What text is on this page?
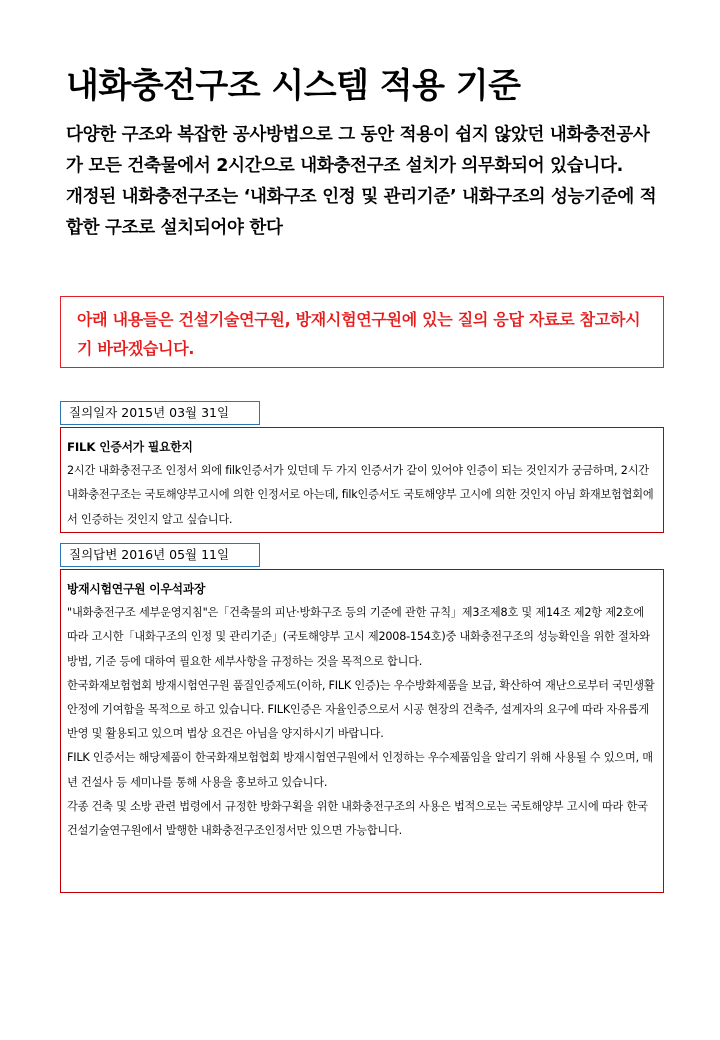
내화충전구조 시스템 적용 기준

다양한 구조와 복잡한 공사방법으로 그 동안 적용이 쉽지 않았던 내화충전공사가 모든 건축물에서 2시간으로 내화충전구조 설치가 의무화되어 있습니다.

개정된 내화충전구조는 ‘내화구조 인정 및 관리기준’ 내화구조의 성능기준에 적합한 구조로 설치되어야 한다

아래 내용들은 건설기술연구원, 방재시험연구원에 있는 질의 응답 자료로 참고하시기 바라겠습니다.
질의일자 2015년 03월 31일

FILK 인증서가 필요한지

2시간 내화충전구조 인정서 외에 filk인증서가 있던데 두 가지 인증서가 같이 있어야 인증이 되는 것인지가 궁금하며, 2시간 내화충전구조는 국토해양부고시에 의한 인정서로 아는데, filk인증서도 국토해양부 고시에 의한 것인지 아님 화재보험협회에서 인증하는 것인지 알고 싶습니다.

질의답변 2016년 05월 11일

방재시험연구원 이우석과장

"내화충전구조 세부운영지침"은「건축물의 피난·방화구조 등의 기준에 관한 규칙」제3조제8호 및 제14조 제2항 제2호에 따라 고시한「내화구조의 인정 및 관리기준」(국토해양부 고시 제2008-154호)중 내화충전구조의 성능확인을 위한 절차와 방법, 기준 등에 대하여 필요한 세부사항을 규정하는 것을 목적으로 합니다.

한국화재보험협회 방재시험연구원 품질인증제도(이하, FILK 인증)는 우수방화제품을 보급, 확산하여 재난으로부터 국민생활 안정에 기여함을 목적으로 하고 있습니다. FILK인증은 자율인증으로서 시공 현장의 건축주, 설계자의 요구에 따라 자유롭게 반영 및 활용되고 있으며 법상 요건은 아님을 양지하시기 바랍니다.

FILK 인증서는 해당제품이 한국화재보험협회 방재시험연구원에서 인정하는 우수제품임을 알리기 위해 사용될 수 있으며, 매년 건설사 등 세미나를 통해 사용을 홍보하고 있습니다.

각종 건축 및 소방 관련 법령에서 규정한 방화구획을 위한 내화충전구조의 사용은 법적으로는 국토해양부 고시에 따라 한국건설기술연구원에서 발행한 내화충전구조인정서만 있으면 가능합니다.
